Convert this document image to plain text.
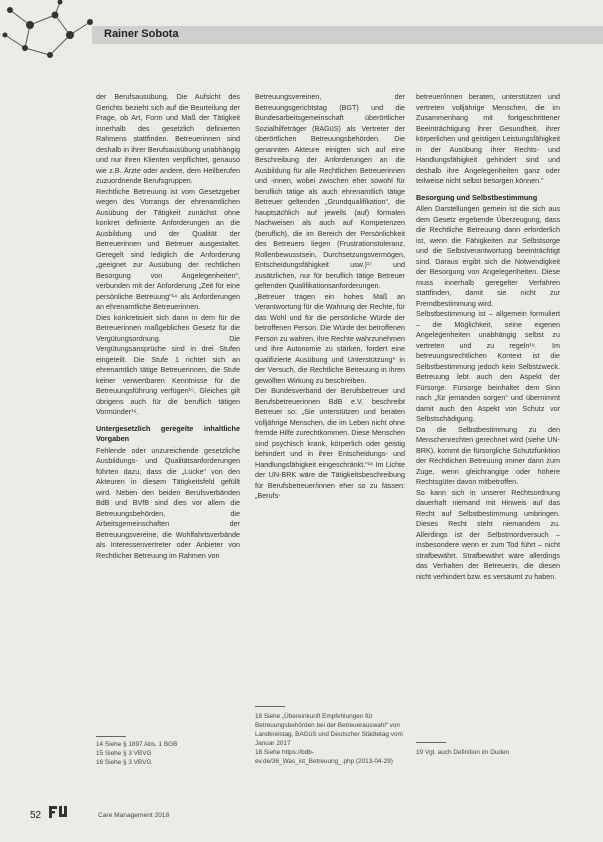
Rainer Sobota

der Berufsausübung. Die Aufsicht des Gerichts bezieht sich auf die Beurteilung der Frage, ob Art, Form und Maß der Tätigkeit innerhalb des gesetzlich definierten Rahmens stattfinden. Betreuerinnen sind deshalb in ihrer Berufsausübung unabhängig und nur ihren Klienten verpflichtet, genauso wie z.B. Ärzte oder andere, dem Heilberufen zuzuordnende Berufsgruppen.

Rechtliche Betreuung ist vom Gesetzgeber wegen des Vorrangs der ehrenamtlichen Ausübung der Tätigkeit zunächst ohne konkret definierte Anforderungen an die Ausbildung und der Qualität der Betreuerinnen und Betreuer ausgestaltet. Geregelt sind lediglich die Anforderung „geeignet zur Ausübung der rechtlichen Besorgung von Angelegenheiten“, verbunden mit der Anforderung „Zeit für eine persönliche Betreuung“¹⁴ als Anforderungen an ehrenamtliche Betreuerinnen.

Dies konkretisiert sich dann in dem für die Betreuerinnen maßgeblichen Gesetz für die Vergütungsordnung. Die Vergütungsansprüche sind in drei Stufen eingeteilt. Die Stufe 1 richtet sich an ehrenamtlich tätige Betreuerinnen, die Stufe keiner verwertbaren Kenntnisse für die Betreuungsführung verfügen¹⁵. Gleiches gilt übrigens auch für die beruflich tätigen Vormünder¹⁶.

Untergesetzlich geregelte inhaltliche Vorgaben

Fehlende oder unzureichende gesetzliche Ausbildungs- und Qualitätsanforderungen führten dazu, dass die „Lücke“ von den Akteuren in diesem Tätigkeitsfeld gefüllt wird. Neben den beiden Berufsverbänden BdB und BVfB sind dies vor allem die Betreuungsbehörden, die Arbeitsgemeinschaften der Betreuungsvereine, die Wohlfahrtsverbände als Interessenvertreter oder Anbieter von Rechtlicher Betreuung im Rahmen von

Betreuungsvereinen, der Betreuungsgerichtstag (BGT) und die Bundesarbeitsgemeinschaft überörtlicher Sozialhilfeträger (BAGüS) als Vertreter der überörtlichen Betreuungsbehörden. Die genannten Akteure einigten sich auf eine Beschreibung der Anforderungen an die Ausbildung für alle Rechtlichen Betreuerinnen und -innen, wobei zwischen eher sowohl für beruflich tätige als auch ehrenamtlich tätige Betreuer geltenden „Grundqualifikation“, die hauptsächlich auf jeweils (auf) formalen Nachweisen als auch auf Kompetenzen (beruflich), die im Bereich der Persönlichkeit des Betreuers liegen (Frustrationstoleranz, Rollenbewusstsein, Durchsetzungsvermögen, Entscheidungsfähigkeit usw.)¹⁷ und zusätzlichen, nur für beruflich tätige Betreuer geltenden Qualifikationsanforderungen.

„Betreuer tragen ein hohes Maß an Verantwortung für die Wahrung der Rechte, für das Wohl und für die persönliche Würde der betroffenen Person. Die Würde der betroffenen Person zu wahren, ihre Rechte wahrzunehmen und ihre Autonomie zu stärken, fordert eine qualifizierte Ausübung und Unterstützung* in der Versuch, die Rechtliche Betreuung in ihren gewollten Wirkung zu beschreiben.

Der Bundesverband der Berufsbetreuer und Berufsbetreuerinnen BdB e.V. beschreibt Betreuer so: „Sie unterstützen und beraten volljährige Menschen, die im Leben nicht ohne fremde Hilfe zurechtkommen. Diese Menschen sind psychisch krank, körperlich oder geistig behindert und in ihrer Entscheidungs- und Handlungsfähigkeit eingeschränkt.“¹⁸ Im Lichte der UN-BRK wäre die Tätigkeitsbeschreibung für Berufsbetreuer/innen eher so zu fassen: „Berufs-

betreuer/innen beraten, unterstützen und vertreten volljährige Menschen, die im Zusammenhang mit fortgeschrittener Beeinträchtigung ihrer Gesundheit, ihrer körperlichen und geistigen Leistungsfähigkeit in der Ausübung ihrer Rechts- und Handlungsfähigkeit gehindert sind und deshalb ihre Angelegenheiten ganz oder teilweise nicht selbst besorgen können.“

Besorgung und Selbstbestimmung

Allen Darstellungen gemein ist die sich aus dem Gesetz ergebende Überzeugung, dass die Rechtliche Betreuung dann erforderlich ist, wenn die Fähigkeiten zur Selbstsorge und die Selbstverantwortung beeinträchtigt sind. Daraus ergibt sich die Notwendigkeit der Besorgung von Angelegenheiten. Diese muss innerhalb geregelter Verfahren stattfinden, damit sie nicht zur Fremdbestimmung wird.

Selbstbestimmung ist – allgemein formuliert – die Möglichkeit, seine eigenen Angelegenheiten unabhängig selbst zu vertreten und zu regeln¹⁹. Im betreuungsrechtlichen Kontext ist die Selbstbestimmung jedoch kein Selbstzweck. Betreuung lebt auch den Aspekt der Fürsorge. Fürsorge beinhaltet dem Sinn nach „für jemanden sorgen“ und übernimmt damit auch den Aspekt von Schutz vor Selbstschädigung.

Da die Selbstbestimmung zu den Menschenrechten gerechnet wird (siehe UN-BRK), kommt die fürsorgliche Schutzfunktion der Rechtlichen Betreuung immer dann zum Zuge, wenn gleichrangige oder höhere Rechtsgüter davon mitbetroffen.

So kann sich in unserer Rechtsordnung dauerhaft niemand mit Hinweis auf das Recht auf Selbstbestimmung umbringen. Dieses Recht steht niemandem zu. Allerdings ist der Selbstmordversuch – insbesondere wenn er zum Tod führt – nicht strafbewährt. Strafbewährt wäre allerdings das Verhalten der Betreuerin, die diesen nicht verhindert bzw. es versäumt zu haben.

14 Siehe § 1897 Abs. 1 BGB
15 Siehe § 3 VBVG
16 Siehe § 3 VBVG
18 Siehe „Übereinkunft Empfehlungen für Betreuungsbehörden bei der Betreuerauswahl“ von Landkreistag, BAGüS und Deutscher Städtetag vom Januar 2017
18 Siehe https://bdb-ev.de/36_Was_ist_Betreuung_.php (2013-04-29)
19 Vgl. auch Definition im Duden
52	Care Management 2018
